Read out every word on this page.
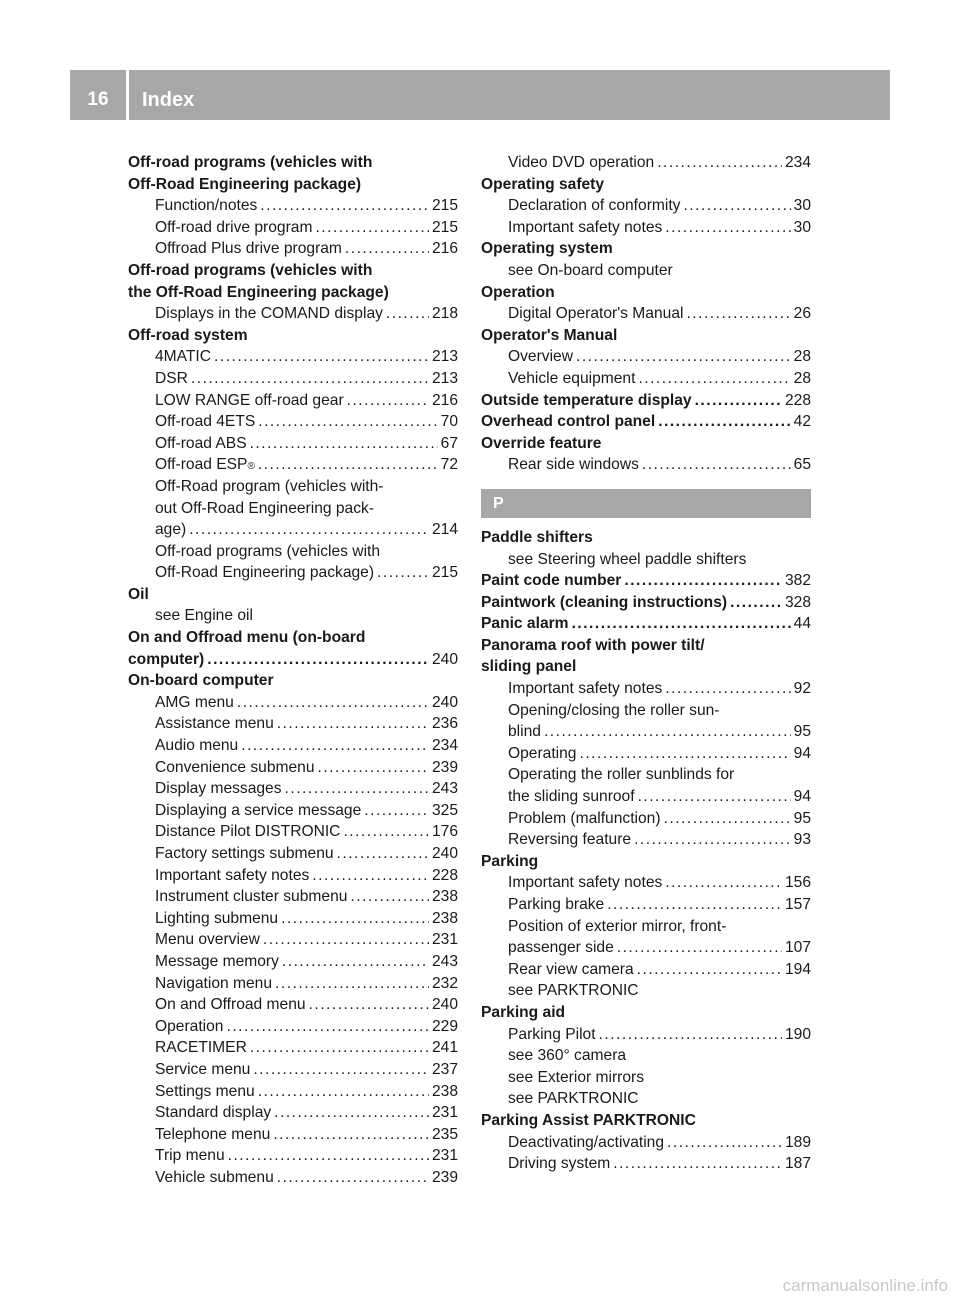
16	Index
Off-road programs (vehicles with
Off-Road Engineering package)
Function/notes .....	215
Off-road drive program .....	215
Offroad Plus drive program .....	216
Off-road programs (vehicles with
the Off-Road Engineering package)
Displays in the COMAND display .....	218
Off-road system
4MATIC .....	213
DSR .....	213
LOW RANGE off-road gear .....	216
Off-road 4ETS .....	70
Off-road ABS .....	67
Off-road ESP ® .....	72
Off-Road program (vehicles with-
out Off-Road Engineering pack-
age) .....	214
Off-road programs (vehicles with
Off-Road Engineering package) .....	215
Oil
see Engine oil
On and Offroad menu (on-board
computer) .....	240
On-board computer
AMG menu .....	240
Assistance menu .....	236
Audio menu .....	234
Convenience submenu .....	239
Display messages .....	243
Displaying a service message .....	325
Distance Pilot DISTRONIC .....	176
Factory settings submenu .....	240
Important safety notes .....	228
Instrument cluster submenu .....	238
Lighting submenu .....	238
Menu overview .....	231
Message memory .....	243
Navigation menu .....	232
On and Offroad menu .....	240
Operation .....	229
RACETIMER .....	241
Service menu .....	237
Settings menu .....	238
Standard display .....	231
Telephone menu .....	235
Trip menu .....	231
Vehicle submenu .....	239
Video DVD operation .....	234
Operating safety
Declaration of conformity .....	30
Important safety notes .....	30
Operating system
see On-board computer
Operation
Digital Operator's Manual .....	26
Operator's Manual
Overview .....	28
Vehicle equipment .....	28
Outside temperature display .....	228
Overhead control panel .....	42
Override feature
Rear side windows .....	65
P
Paddle shifters
see Steering wheel paddle shifters
Paint code number .....	382
Paintwork (cleaning instructions) .....	328
Panic alarm .....	44
Panorama roof with power tilt/
sliding panel
Important safety notes .....	92
Opening/closing the roller sun-
blind .....	95
Operating .....	94
Operating the roller sunblinds for
the sliding sunroof .....	94
Problem (malfunction) .....	95
Reversing feature .....	93
Parking
Important safety notes .....	156
Parking brake .....	157
Position of exterior mirror, front-
passenger side .....	107
Rear view camera .....	194
see PARKTRONIC
Parking aid
Parking Pilot .....	190
see 360° camera
see Exterior mirrors
see PARKTRONIC
Parking Assist PARKTRONIC
Deactivating/activating .....	189
Driving system .....	187
carmanualsonline.info
